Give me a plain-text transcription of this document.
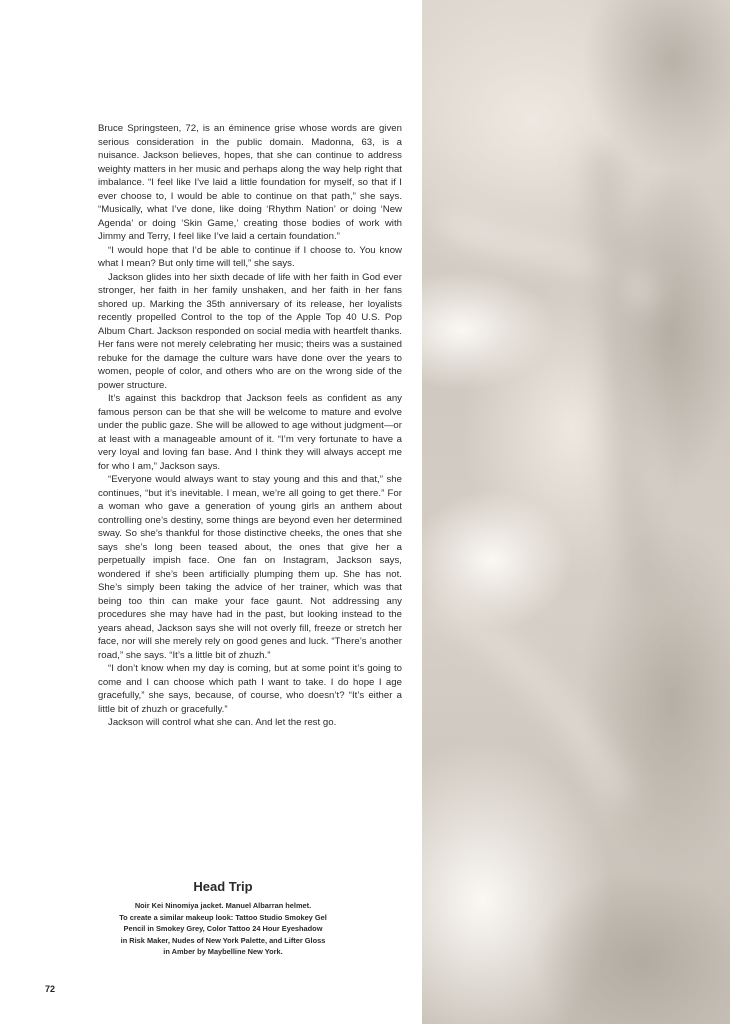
Bruce Springsteen, 72, is an éminence grise whose words are given serious consideration in the public domain. Madonna, 63, is a nuisance. Jackson believes, hopes, that she can continue to address weighty matters in her music and perhaps along the way help right that imbalance. “I feel like I’ve laid a little foundation for myself, so that if I ever choose to, I would be able to continue on that path,” she says. “Musically, what I’ve done, like doing ‘Rhythm Nation’ or doing ‘New Agenda’ or doing ‘Skin Game,’ creating those bodies of work with Jimmy and Terry, I feel like I’ve laid a certain foundation.”

“I would hope that I’d be able to continue if I choose to. You know what I mean? But only time will tell,” she says.

Jackson glides into her sixth decade of life with her faith in God ever stronger, her faith in her family unshaken, and her faith in her fans shored up. Marking the 35th anniversary of its release, her loyalists recently propelled Control to the top of the Apple Top 40 U.S. Pop Album Chart. Jackson responded on social media with heartfelt thanks. Her fans were not merely celebrating her music; theirs was a sustained rebuke for the damage the culture wars have done over the years to women, people of color, and others who are on the wrong side of the power structure.

It’s against this backdrop that Jackson feels as confident as any famous person can be that she will be welcome to mature and evolve under the public gaze. She will be allowed to age without judgment—or at least with a manageable amount of it. “I’m very fortunate to have a very loyal and loving fan base. And I think they will always accept me for who I am,” Jackson says.

“Everyone would always want to stay young and this and that,” she continues, “but it’s inevitable. I mean, we’re all going to get there.” For a woman who gave a generation of young girls an anthem about controlling one’s destiny, some things are beyond even her determined sway. So she’s thankful for those distinctive cheeks, the ones that she says she’s long been teased about, the ones that give her a perpetually impish face. One fan on Instagram, Jackson says, wondered if she’s been artificially plumping them up. She has not. She’s simply been taking the advice of her trainer, which was that being too thin can make your face gaunt. Not addressing any procedures she may have had in the past, but looking instead to the years ahead, Jackson says she will not overly fill, freeze or stretch her face, nor will she merely rely on good genes and luck. “There’s another road,” she says. “It’s a little bit of zhuzh.”

“I don’t know when my day is coming, but at some point it’s going to come and I can choose which path I want to take. I do hope I age gracefully,” she says, because, of course, who doesn’t? “It’s either a little bit of zhuzh or gracefully.”

Jackson will control what she can. And let the rest go.

Head Trip
Noir Kei Ninomiya jacket. Manuel Albarran helmet.
To create a similar makeup look: Tattoo Studio Smokey Gel
Pencil in Smokey Grey, Color Tattoo 24 Hour Eyeshadow
in Risk Maker, Nudes of New York Palette, and Lifter Gloss
in Amber by Maybelline New York.
72
